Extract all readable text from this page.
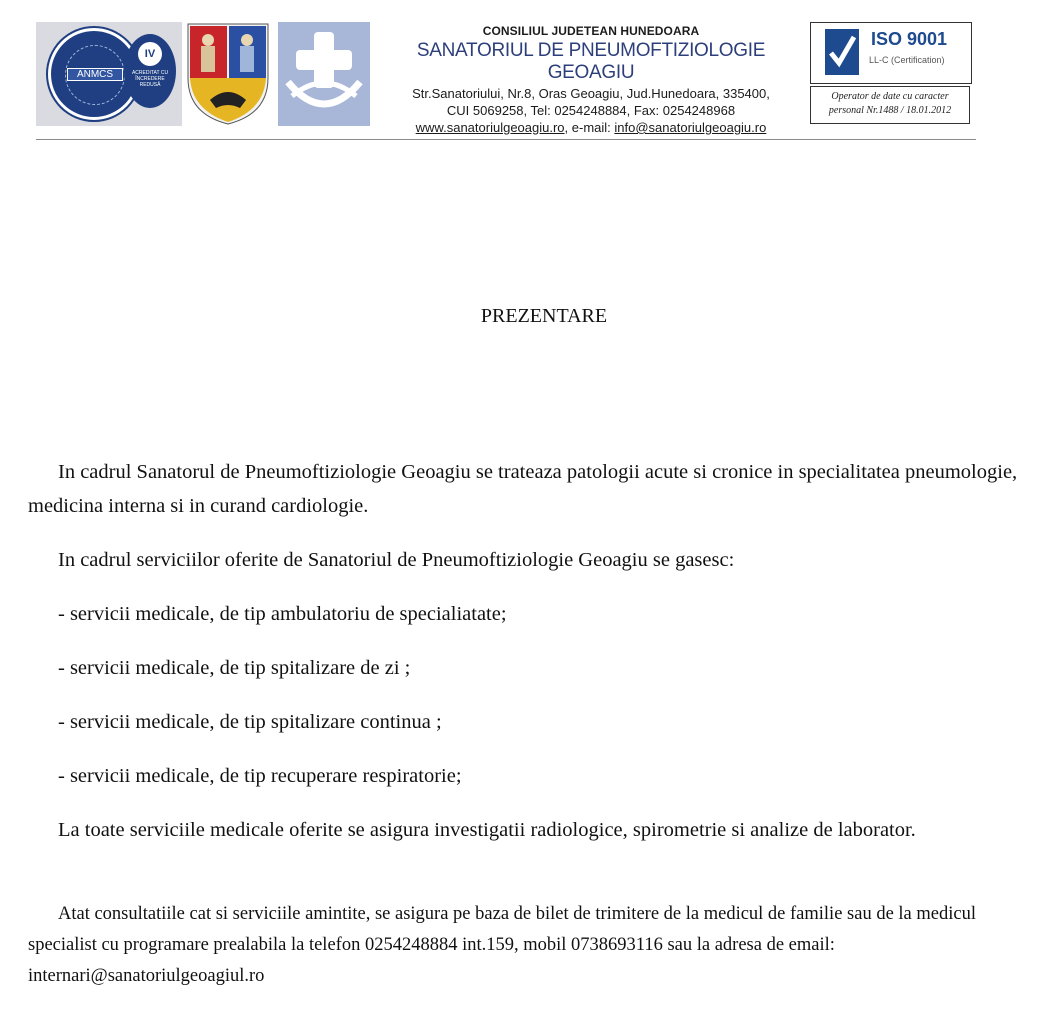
ANMCS
IV
ACREDITAT CU ÎNCREDERE REDUSĂ
CONSILIUL JUDETEAN HUNEDOARA
SANATORIUL DE PNEUMOFTIZIOLOGIE GEOAGIU
Str.Sanatoriului, Nr.8, Oras Geoagiu, Jud.Hunedoara, 335400,
CUI 5069258, Tel: 0254248884, Fax: 0254248968
www.sanatoriulgeoagiu.ro, e-mail: info@sanatoriulgeoagiu.ro
ISO 9001
LL-C (Certification)
Operator de date cu caracter
personal Nr.1488 / 18.01.2012
PREZENTARE

In cadrul Sanatorul de Pneumoftiziologie Geoagiu se trateaza patologii acute si cronice in specialitatea pneumologie, medicina interna si in curand cardiologie.

In cadrul serviciilor oferite de Sanatoriul de Pneumoftiziologie Geoagiu se gasesc:

- servicii medicale, de tip ambulatoriu de specialiatate;

- servicii medicale, de tip spitalizare de zi ;

- servicii medicale, de tip spitalizare continua ;

- servicii medicale, de tip recuperare respiratorie;

La toate serviciile medicale oferite se asigura investigatii radiologice, spirometrie si analize de laborator.

Atat consultatiile cat si serviciile amintite, se asigura pe baza de bilet de trimitere de la medicul de familie sau de la medicul specialist cu programare prealabila la telefon 0254248884 int.159, mobil 0738693116 sau la adresa de email: internari@sanatoriulgeoagiul.ro
